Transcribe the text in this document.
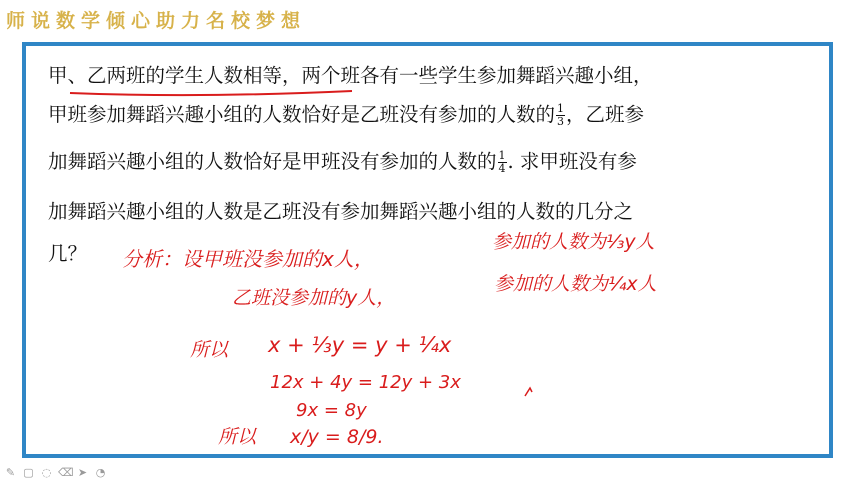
师说数学倾心助力名校梦想
甲、乙两班的学生人数相等，两个班各有一些学生参加舞蹈兴趣小组，
甲班参加舞蹈兴趣小组的人数恰好是乙班没有参加的人数的 $\frac{1}{3}$ ，乙班参
加舞蹈兴趣小组的人数恰好是甲班没有参加的人数的 $\frac{1}{4}$ . 求甲班没有参
加舞蹈兴趣小组的人数是乙班没有参加舞蹈兴趣小组的人数的几分之
几？ 分析：设甲班没参加的x人，
乙班没参加的y人，
参加的人数为⅓y人
参加的人数为¼x人
所以 x + ⅓y = y + ¼x
12x + 4y = 12y + 3x
9x = 8y
所以 x/y = 8/9.
✎ ▢ ◌ ⌫ ➤ ◔
